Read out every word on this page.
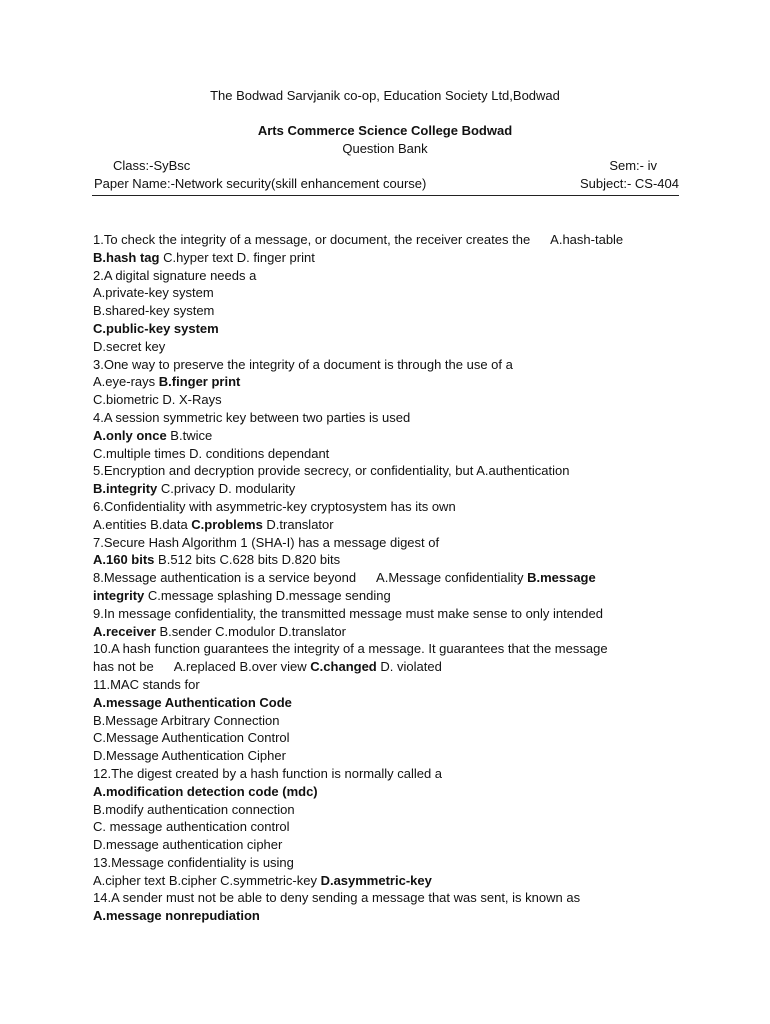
The Bodwad Sarvjanik co-op, Education Society Ltd,Bodwad
Arts Commerce Science College Bodwad
Question Bank
Class:-SyBsc	Sem:- iv
Paper Name:-Network security(skill enhancement course)	Subject:- CS-404
1.To check the integrity of a message, or document, the receiver creates the A.hash-table
B.hash tag C.hyper text D. finger print
2.A digital signature needs a
A.private-key system
B.shared-key system
C.public-key system
D.secret key
3.One way to preserve the integrity of a document is through the use of a
A.eye-rays B.finger print
C.biometric D. X-Rays
4.A session symmetric key between two parties is used
A.only once B.twice
C.multiple times D. conditions dependant
5.Encryption and decryption provide secrecy, or confidentiality, but A.authentication
B.integrity C.privacy D. modularity
6.Confidentiality with asymmetric-key cryptosystem has its own
A.entities B.data C.problems D.translator
7.Secure Hash Algorithm 1 (SHA-I) has a message digest of
A.160 bits B.512 bits C.628 bits D.820 bits
8.Message authentication is a service beyond A.Message confidentiality B.message
integrity C.message splashing D.message sending
9.In message confidentiality, the transmitted message must make sense to only intended
A.receiver B.sender C.modulor D.translator
10.A hash function guarantees the integrity of a message. It guarantees that the message
has not be A.replaced B.over view C.changed D. violated
11.MAC stands for
A.message Authentication Code
B.Message Arbitrary Connection
C.Message Authentication Control
D.Message Authentication Cipher
12.The digest created by a hash function is normally called a
A.modification detection code (mdc)
B.modify authentication connection
C. message authentication control
D.message authentication cipher
13.Message confidentiality is using
A.cipher text B.cipher C.symmetric-key D.asymmetric-key
14.A sender must not be able to deny sending a message that was sent, is known as
A.message nonrepudiation
